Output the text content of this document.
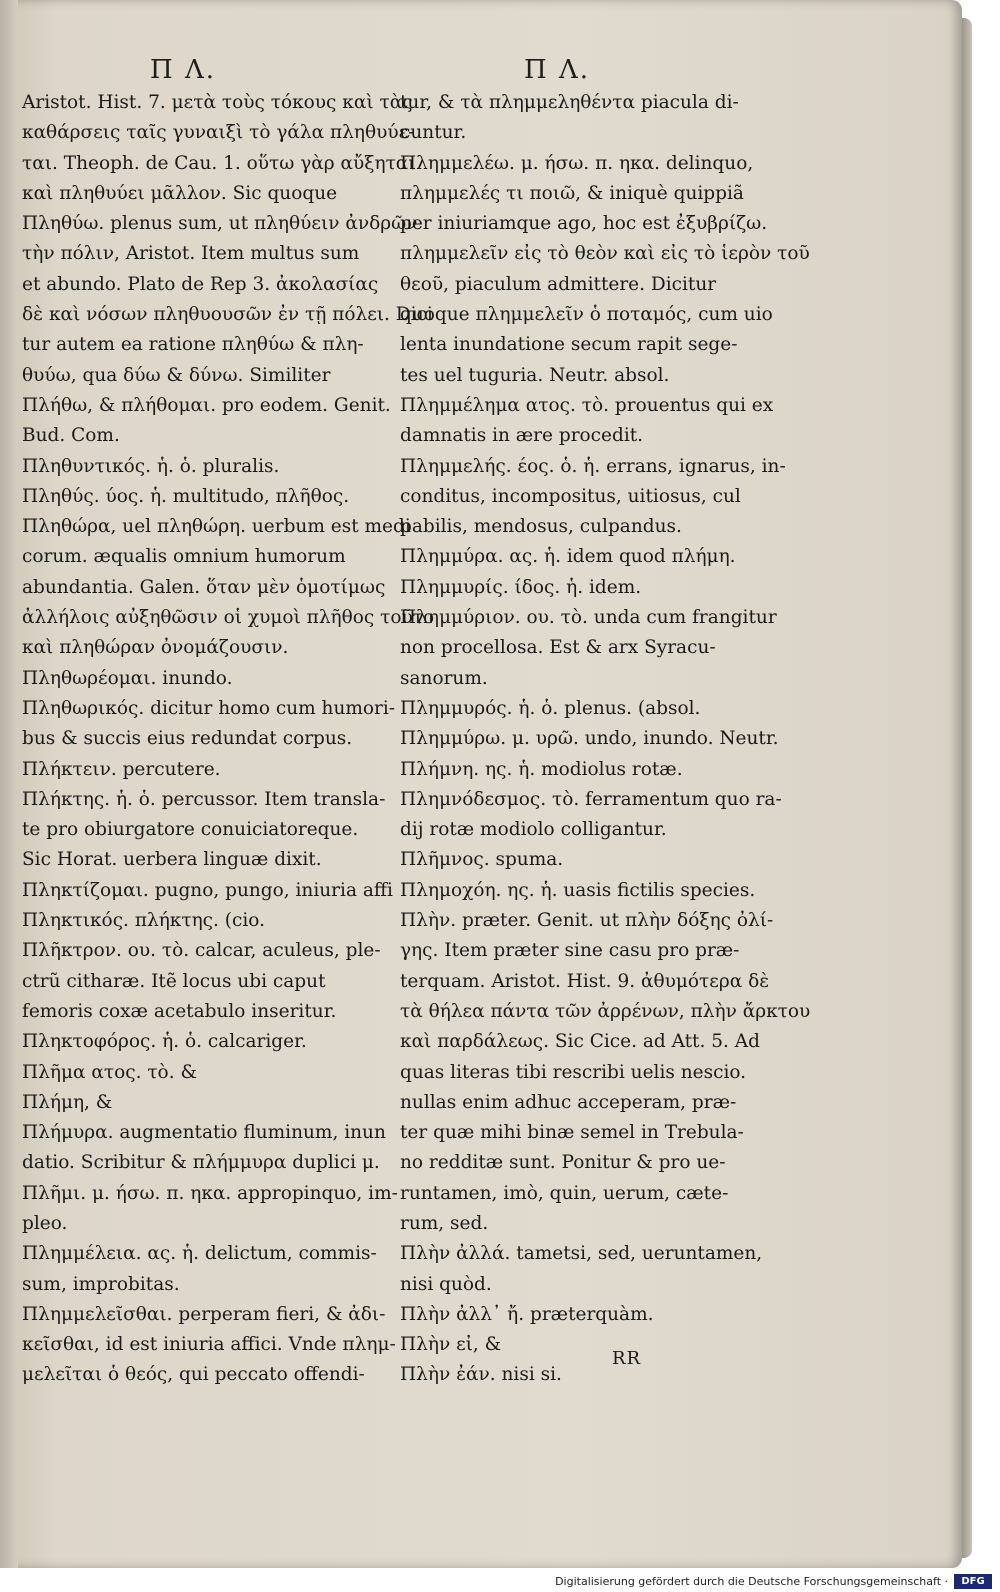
Π Λ.	Π Λ.
Aristot. Hist. 7. μετὰ τοὺς τόκους καὶ τὰς
καθάρσεις ταῖς γυναιξὶ τὸ γάλα πληθυύε-
ται. Theoph. de Cau. 1. οὕτω γὰρ αὔξηται
καὶ πληθυύει μᾶλλον. Sic quoque
Πληθύω. plenus sum, ut πληθύειν ἀνδρῶν
τὴν πόλιν, Aristot. Item multus sum
et abundo. Plato de Rep 3. ἀκολασίας
δὲ καὶ νόσων πληθυουσῶν ἐν τῇ πόλει. Dici
tur autem ea ratione πληθύω & πλη-
θυύω, qua δύω & δύνω. Similiter
Πλήθω, & πλήθομαι. pro eodem. Genit.
Bud. Com.
Πληθυντικός. ἡ. ὁ. pluralis.
Πληθύς. ύος. ἡ. multitudo, πλῆθος.
Πληθώρα, uel πληθώρη. uerbum est medi
corum. æqualis omnium humorum
abundantia. Galen. ὅταν μὲν ὁμοτίμως
ἀλλήλοις αὐξηθῶσιν οἱ χυμοὶ πλῆθος τοῦτο
καὶ πληθώραν ὀνομάζουσιν.
Πληθωρέομαι. inundo.
Πληθωρικός. dicitur homo cum humori-
bus & succis eius redundat corpus.
Πλήκτειν. percutere.
Πλήκτης. ἡ. ὁ. percussor. Item transla-
te pro obiurgatore conuiciatoreque.
Sic Horat. uerbera linguæ dixit.
Πληκτίζομαι. pugno, pungo, iniuria affi
Πληκτικός. πλήκτης. (cio.
Πλῆκτρον. ου. τὸ. calcar, aculeus, ple-
ctrũ citharæ. Itẽ locus ubi caput
femoris coxæ acetabulo inseritur.
Πληκτοφόρος. ἡ. ὁ. calcariger.
Πλῆμα ατος. τὸ. &
Πλήμη, &
Πλήμυρα. augmentatio fluminum, inun
datio. Scribitur & πλήμμυρα duplici μ.
Πλῆμι. μ. ήσω. π. ηκα. appropinquo, im-
pleo.
Πλημμέλεια. ας. ἡ. delictum, commis-
sum, improbitas.
Πλημμελεῖσθαι. perperam fieri, & ἀδι-
κεῖσθαι, id est iniuria affici. Vnde πλημ-
μελεῖται ὁ θεός, qui peccato offendi-
tur, & τὰ πλημμεληθέντα piacula di-
cuntur.
Πλημμελέω. μ. ήσω. π. ηκα. delinquo,
πλημμελές τι ποιῶ, & iniquè quippiã
per iniuriamque ago, hoc est ἐξυβρίζω.
πλημμελεῖν εἰς τὸ θεὸν καὶ εἰς τὸ ἱερὸν τοῦ
θεοῦ, piaculum admittere. Dicitur
quoque πλημμελεῖν ὁ ποταμός, cum uio
lenta inundatione secum rapit sege-
tes uel tuguria. Neutr. absol.
Πλημμέλημα ατος. τὸ. prouentus qui ex
damnatis in ære procedit.
Πλημμελής. έος. ὁ. ἡ. errans, ignarus, in-
conditus, incompositus, uitiosus, cul
pabilis, mendosus, culpandus.
Πλημμύρα. ας. ἡ. idem quod πλήμη.
Πλημμυρίς. ίδος. ἡ. idem.
Πλημμύριον. ου. τὸ. unda cum frangitur
non procellosa. Est & arx Syracu-
sanorum.
Πλημμυρός. ἡ. ὁ. plenus. (absol.
Πλημμύρω. μ. υρῶ. undo, inundo. Neutr.
Πλήμνη. ης. ἡ. modiolus rotæ.
Πλημνόδεσμος. τὸ. ferramentum quo ra-
dij rotæ modiolo colligantur.
Πλῆμνος. spuma.
Πλημοχόη. ης. ἡ. uasis fictilis species.
Πλὴν. præter. Genit. ut πλὴν δόξης ὀλί-
γης. Item præter sine casu pro præ-
terquam. Aristot. Hist. 9. ἀθυμότερα δὲ
τὰ θήλεα πάντα τῶν ἀρρένων, πλὴν ἄρκτου
καὶ παρδάλεως. Sic Cice. ad Att. 5. Ad
quas literas tibi rescribi uelis nescio.
nullas enim adhuc acceperam, præ-
ter quæ mihi binæ semel in Trebula-
no redditæ sunt. Ponitur & pro ue-
runtamen, imò, quin, uerum, cæte-
rum, sed.
Πλὴν ἀλλά. tametsi, sed, ueruntamen,
nisi quòd.
Πλὴν ἀλλ᾽ ἤ. præterquàm.
Πλὴν εἰ, &
Πλὴν ἐάν. nisi si.
RR
Digitalisierung gefördert durch die Deutsche Forschungsgemeinschaft ·	DFG
